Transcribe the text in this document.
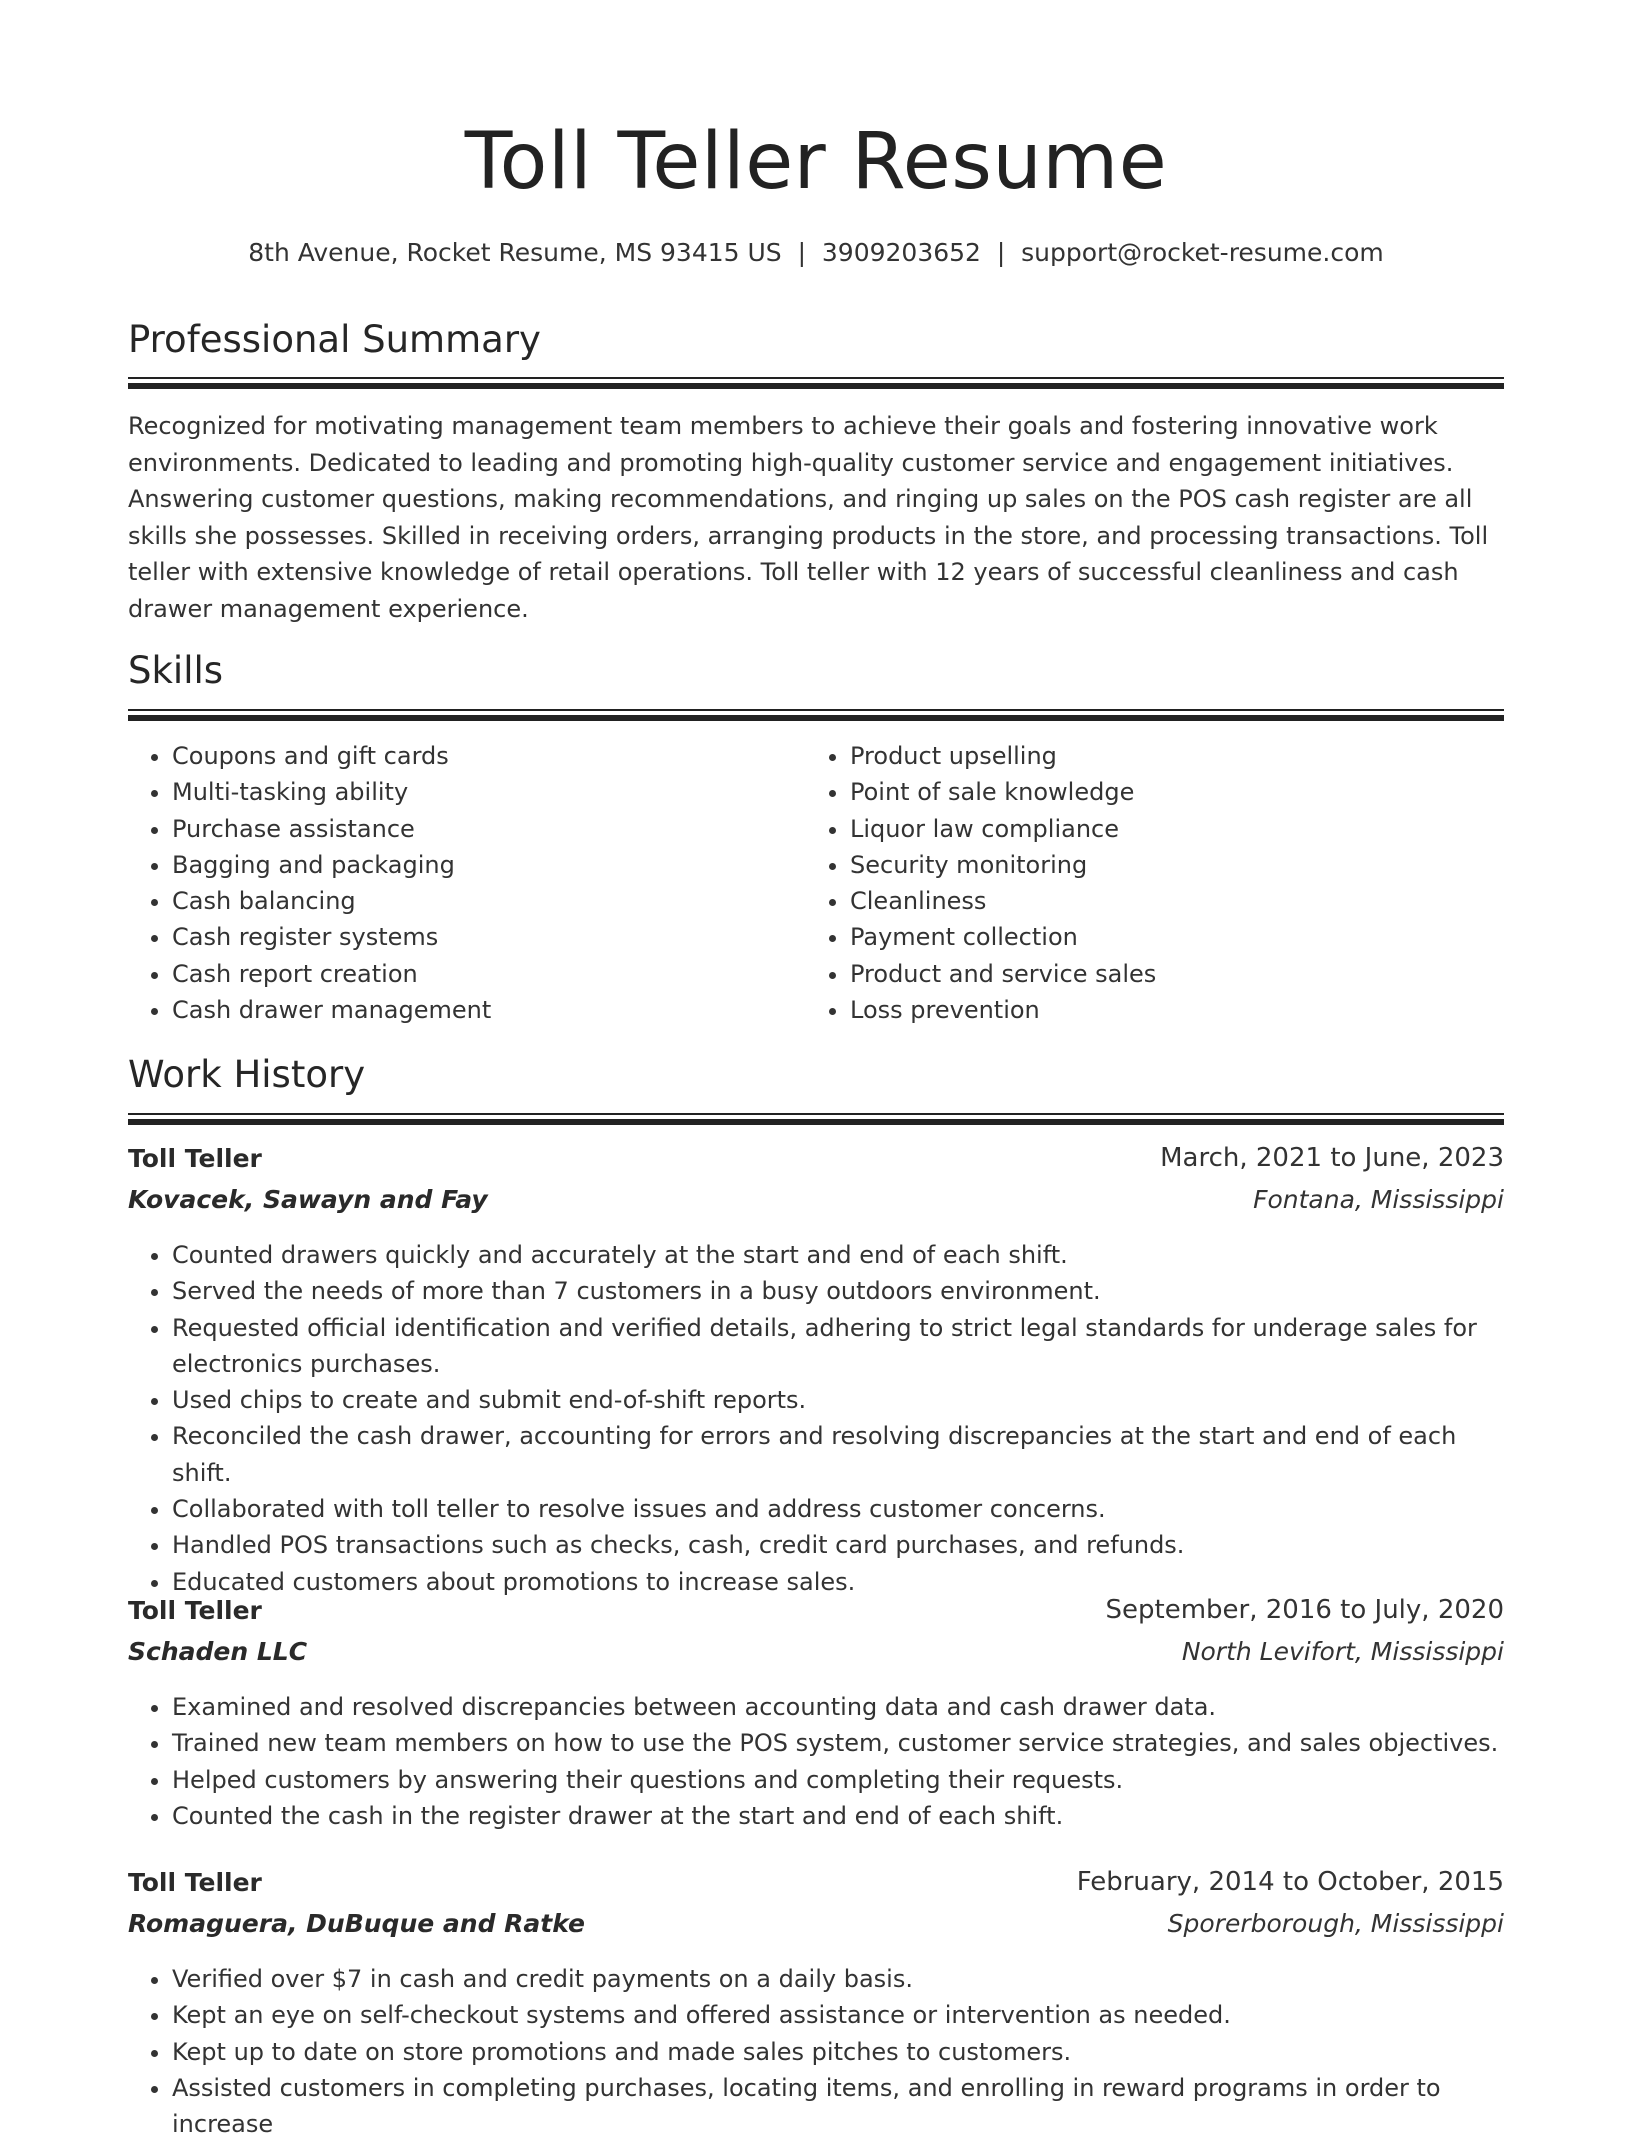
Toll Teller Resume
8th Avenue, Rocket Resume, MS 93415 US  |  3909203652  |  support@rocket-resume.com
Professional Summary

Recognized for motivating management team members to achieve their goals and fostering innovative work environments. Dedicated to leading and promoting high-quality customer service and engagement initiatives. Answering customer questions, making recommendations, and ringing up sales on the POS cash register are all skills she possesses. Skilled in receiving orders, arranging products in the store, and processing transactions. Toll teller with extensive knowledge of retail operations. Toll teller with 12 years of successful cleanliness and cash drawer management experience.

Skills
• Coupons and gift cards
• Multi-tasking ability
• Purchase assistance
• Bagging and packaging
• Cash balancing
• Cash register systems
• Cash report creation
• Cash drawer management
• Product upselling
• Point of sale knowledge
• Liquor law compliance
• Security monitoring
• Cleanliness
• Payment collection
• Product and service sales
• Loss prevention
Work History
Toll Teller	March, 2021 to June, 2023
Kovacek, Sawayn and Fay	Fontana, Mississippi
• Counted drawers quickly and accurately at the start and end of each shift.
• Served the needs of more than 7 customers in a busy outdoors environment.
• Requested official identification and verified details, adhering to strict legal standards for underage sales for electronics purchases.
• Used chips to create and submit end-of-shift reports.
• Reconciled the cash drawer, accounting for errors and resolving discrepancies at the start and end of each shift.
• Collaborated with toll teller to resolve issues and address customer concerns.
• Handled POS transactions such as checks, cash, credit card purchases, and refunds.
• Educated customers about promotions to increase sales.
Toll Teller	September, 2016 to July, 2020
Schaden LLC	North Levifort, Mississippi
• Examined and resolved discrepancies between accounting data and cash drawer data.
• Trained new team members on how to use the POS system, customer service strategies, and sales objectives.
• Helped customers by answering their questions and completing their requests.
• Counted the cash in the register drawer at the start and end of each shift.
Toll Teller	February, 2014 to October, 2015
Romaguera, DuBuque and Ratke	Sporerborough, Mississippi
• Verified over $7 in cash and credit payments on a daily basis.
• Kept an eye on self-checkout systems and offered assistance or intervention as needed.
• Kept up to date on store promotions and made sales pitches to customers.
• Assisted customers in completing purchases, locating items, and enrolling in reward programs in order to increase
